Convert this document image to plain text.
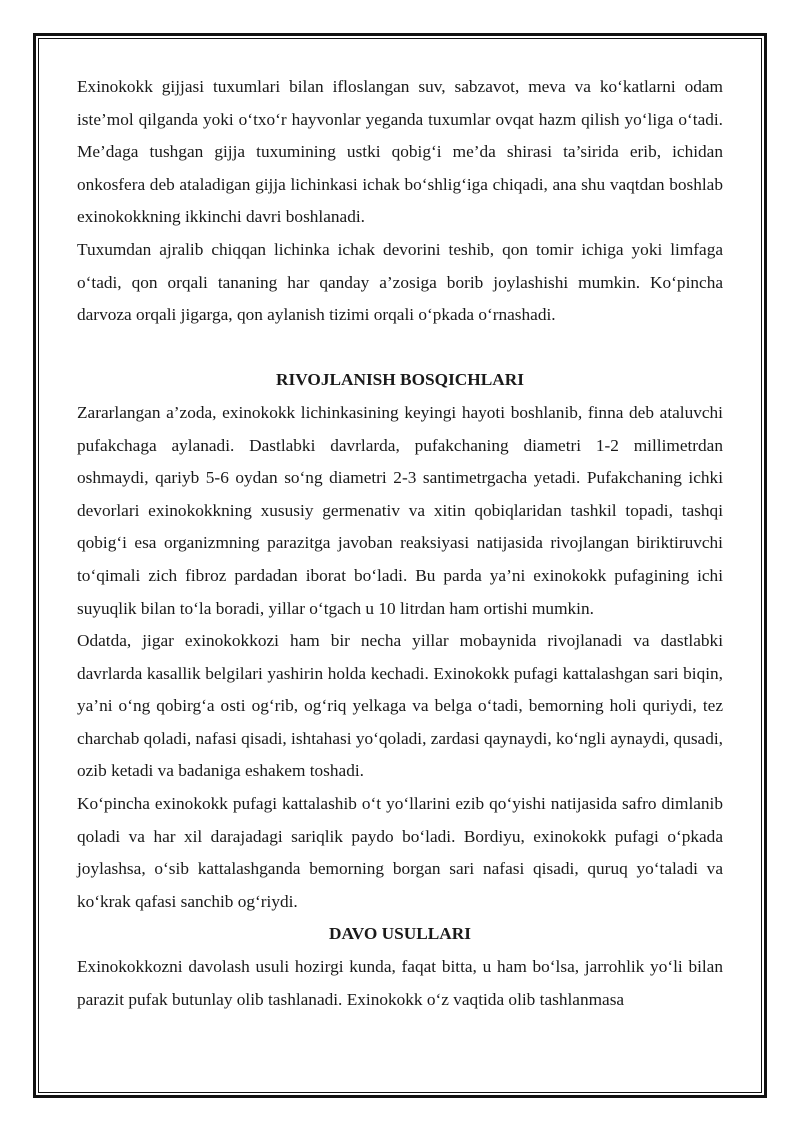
Exinokokk gijjasi tuxumlari bilan ifloslangan suv, sabzavot, meva va ko‘katlarni odam iste’mol qilganda yoki o‘txo‘r hayvonlar yeganda tuxumlar ovqat hazm qilish yo‘liga o‘tadi. Me’daga tushgan gijja tuxumining ustki qobig‘i me’da shirasi ta’sirida erib, ichidan onkosfera deb ataladigan gijja lichinkasi ichak bo‘shlig‘iga chiqadi, ana shu vaqtdan boshlab exinokokkning ikkinchi davri boshlanadi.

Tuxumdan ajralib chiqqan lichinka ichak devorini teshib, qon tomir ichiga yoki limfaga o‘tadi, qon orqali tananing har qanday a’zosiga borib joylashishi mumkin. Ko‘pincha darvoza orqali jigarga, qon aylanish tizimi orqali o‘pkada o‘rnashadi.

RIVOJLANISH BOSQICHLARI

Zararlangan a’zoda, exinokokk lichinkasining keyingi hayoti boshlanib, finna deb ataluvchi pufakchaga aylanadi. Dastlabki davrlarda, pufakchaning diametri 1-2 millimetrdan oshmaydi, qariyb 5-6 oydan so‘ng diametri 2-3 santimetrgacha yetadi. Pufakchaning ichki devorlari exinokokkning xususiy germenativ va xitin qobiqlaridan tashkil topadi, tashqi qobig‘i esa organizmning parazitga javoban reaksiyasi natijasida rivojlangan biriktiruvchi to‘qimali zich fibroz pardadan iborat bo‘ladi. Bu parda ya’ni exinokokk pufagining ichi suyuqlik bilan to‘la boradi, yillar o‘tgach u 10 litrdan ham ortishi mumkin.

Odatda, jigar exinokokkozi ham bir necha yillar mobaynida rivojlanadi va dastlabki davrlarda kasallik belgilari yashirin holda kechadi. Exinokokk pufagi kattalashgan sari biqin, ya’ni o‘ng qobirg‘a osti og‘rib, og‘riq yelkaga va belga o‘tadi, bemorning holi quriydi, tez charchab qoladi, nafasi qisadi, ishtahasi yo‘qoladi, zardasi qaynaydi, ko‘ngli aynaydi, qusadi, ozib ketadi va badaniga eshakem toshadi.

Ko‘pincha exinokokk pufagi kattalashib o‘t yo‘llarini ezib qo‘yishi natijasida safro dimlanib qoladi va har xil darajadagi sariqlik paydo bo‘ladi. Bordiyu, exinokokk pufagi o‘pkada joylashsa, o‘sib kattalashganda bemorning borgan sari nafasi qisadi, quruq yo‘taladi va ko‘krak qafasi sanchib og‘riydi.

DAVO USULLARI

Exinokokkozni davolash usuli hozirgi kunda, faqat bitta, u ham bo‘lsa, jarrohlik yo‘li bilan parazit pufak butunlay olib tashlanadi. Exinokokk o‘z vaqtida olib tashlanmasa
